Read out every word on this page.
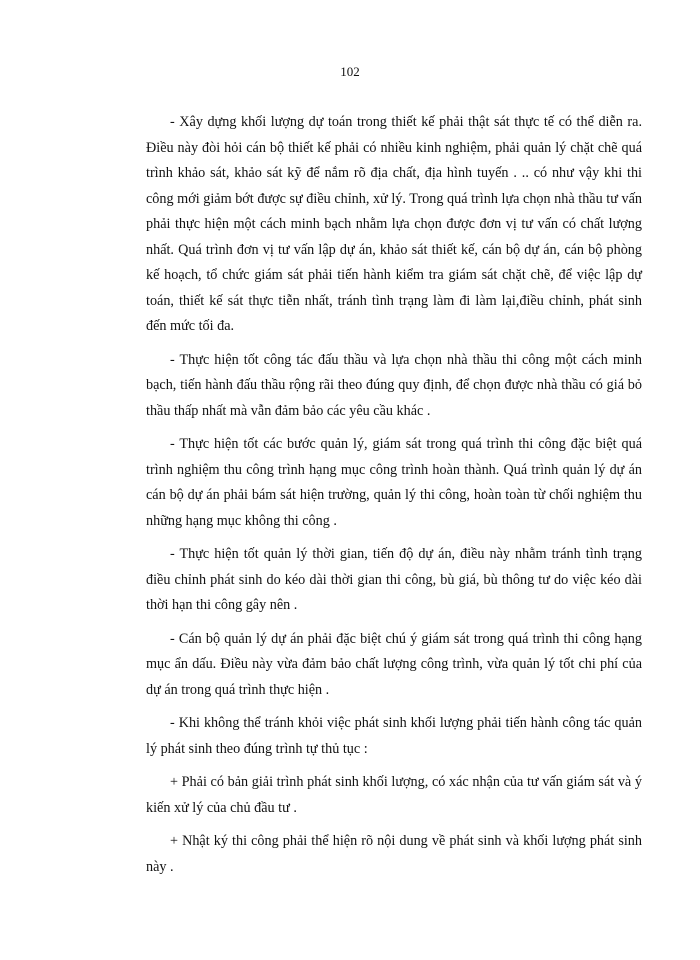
102

- Xây dựng khối lượng dự toán trong thiết kế phải thật sát thực tế có thể diễn ra. Điều này đòi hỏi cán bộ thiết kế phải có nhiều kinh nghiệm, phải quản lý chặt chẽ quá trình khảo sát, khảo sát kỹ để nắm rõ địa chất, địa hình tuyến . .. có như vậy khi thi công mới giảm bớt được sự điều chỉnh, xử lý. Trong quá trình lựa chọn nhà thầu tư vấn phải thực hiện một cách minh bạch nhằm lựa chọn được đơn vị tư vấn có chất lượng nhất. Quá trình đơn vị tư vấn lập dự án, khảo sát thiết kế, cán bộ dự án, cán bộ phòng kế hoạch, tổ chức giám sát phải tiến hành kiểm tra giám sát chặt chẽ, để việc lập dự toán, thiết kế sát thực tiễn nhất, tránh tình trạng làm đi làm lại,điều chỉnh, phát sinh đến mức tối đa.

- Thực hiện tốt công tác đấu thầu và lựa chọn nhà thầu thi công một cách minh bạch, tiến hành đấu thầu rộng rãi theo đúng quy định, để chọn được nhà thầu có giá bỏ thầu thấp nhất mà vẫn đảm bảo các yêu cầu khác .

- Thực hiện tốt các bước quản lý, giám sát trong quá trình thi công đặc biệt quá trình nghiệm thu công trình hạng mục công trình hoàn thành. Quá trình quản lý dự án cán bộ dự án phải bám sát hiện trường, quản lý thi công, hoàn toàn từ chối nghiệm thu những hạng mục không thi công .

- Thực hiện tốt quản lý thời gian, tiến độ dự án, điều này nhằm tránh tình trạng điều chỉnh phát sinh do kéo dài thời gian thi công, bù giá, bù thông tư do việc kéo dài thời hạn thi công gây nên .

- Cán bộ quản lý dự án phải đặc biệt chú ý giám sát trong quá trình thi công hạng mục ẩn dấu. Điều này vừa đảm bảo chất lượng công trình, vừa quản lý tốt chi phí của dự án trong quá trình thực hiện .

- Khi không thể tránh khỏi việc phát sinh khối lượng phải tiến hành công tác quản lý phát sinh theo đúng trình tự thủ tục :

+ Phải có bản giải trình phát sinh khối lượng, có xác nhận của tư vấn giám sát và ý kiến xử lý của chủ đầu tư .

+ Nhật ký thi công phải thể hiện rõ nội dung về phát sinh và khối lượng phát sinh này .
